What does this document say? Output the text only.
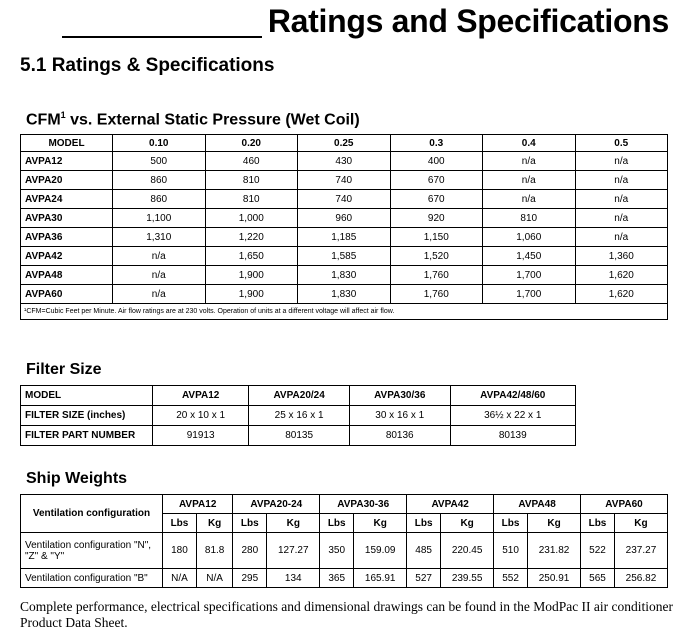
Ratings and Specifications
5.1 Ratings & Specifications
CFM$^1$ vs. External Static Pressure (Wet Coil)
MODEL	0.10	0.20	0.25	0.3	0.4	0.5
AVPA12	500	460	430	400	n/a	n/a
AVPA20	860	810	740	670	n/a	n/a
AVPA24	860	810	740	670	n/a	n/a
AVPA30	1,100	1,000	960	920	810	n/a
AVPA36	1,310	1,220	1,185	1,150	1,060	n/a
AVPA42	n/a	1,650	1,585	1,520	1,450	1,360
AVPA48	n/a	1,900	1,830	1,760	1,700	1,620
AVPA60	n/a	1,900	1,830	1,760	1,700	1,620
¹CFM=Cubic Feet per Minute. Air flow ratings are at 230 volts. Operation of units at a different voltage will affect air flow.						
Filter Size
MODEL	AVPA12	AVPA20/24	AVPA30/36	AVPA42/48/60
FILTER SIZE (inches)	20 x 10 x 1	25 x 16 x 1	30 x 16 x 1	36½ x 22 x 1
FILTER PART NUMBER	91913	80135	80136	80139
Ship Weights
Ventilation configuration	AVPA12		AVPA20-24		AVPA30-36		AVPA42		AVPA48		AVPA60	
	Lbs	Kg	Lbs	Kg	Lbs	Kg	Lbs	Kg	Lbs	Kg	Lbs	Kg
Ventilation configuration "N", "Z" & "Y"	180	81.8	280	127.27	350	159.09	485	220.45	510	231.82	522	237.27
Ventilation configuration "B"	N/A	N/A	295	134	365	165.91	527	239.55	552	250.91	565	256.82
Complete performance, electrical specifications and dimensional drawings can be found in the ModPac II air conditioner Product Data Sheet.
